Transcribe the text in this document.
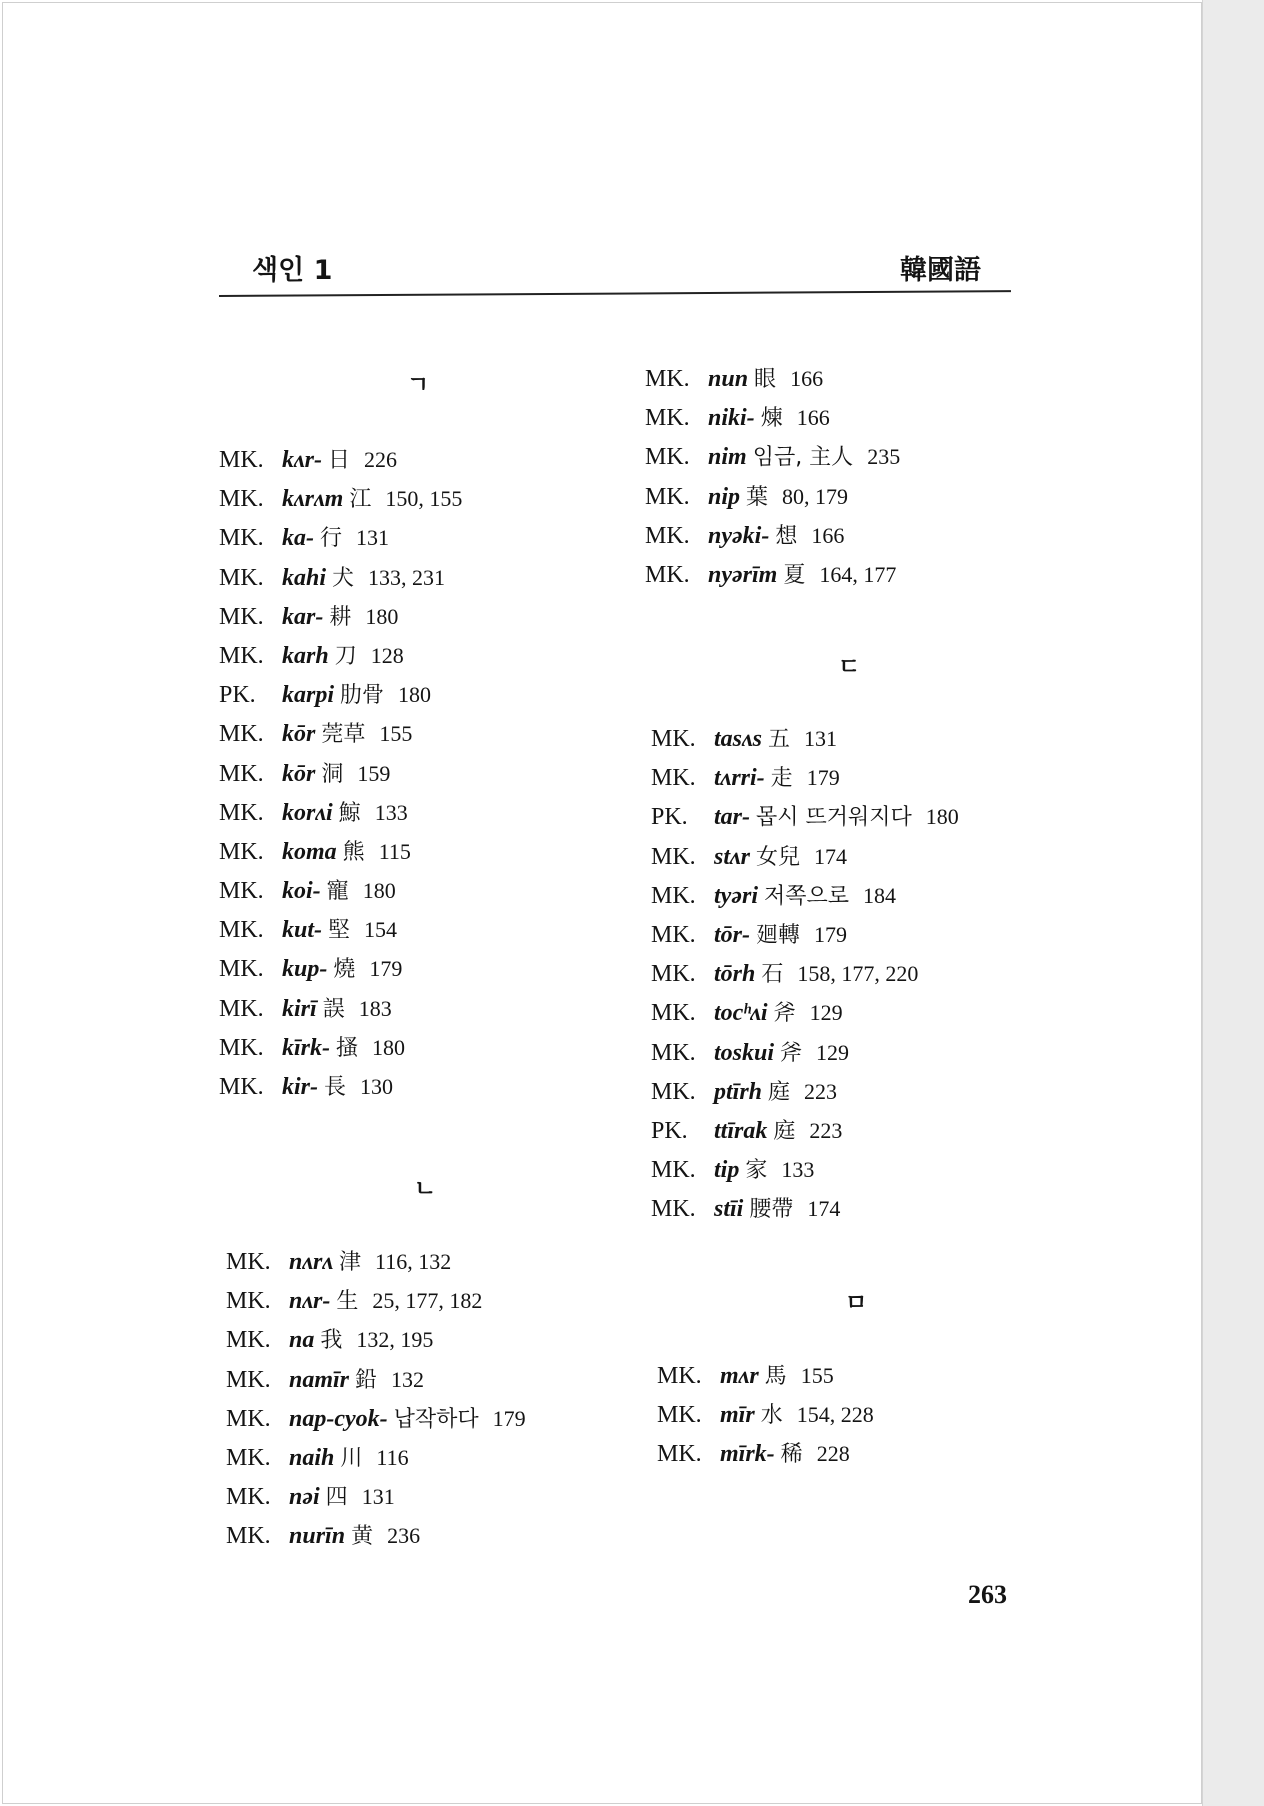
색인 1	韓國語
ㄱ
MK. kʌr- 日 226
MK. kʌrʌm 江 150, 155
MK. ka- 行 131
MK. kahi 犬 133, 231
MK. kar- 耕 180
MK. karh 刀 128
PK. karpi 肋骨 180
MK. kōr 莞草 155
MK. kōr 洞 159
MK. korʌi 鯨 133
MK. koma 熊 115
MK. koi- 寵 180
MK. kut- 堅 154
MK. kup- 燒 179
MK. kirī 誤 183
MK. kīrk- 搔 180
MK. kir- 長 130
ㄴ
MK. nʌrʌ 津 116, 132
MK. nʌr- 生 25, 177, 182
MK. na 我 132, 195
MK. namīr 鉛 132
MK. nap-cyok- 납작하다 179
MK. naih 川 116
MK. nəi 四 131
MK. nurīn 黄 236
MK. nun 眼 166
MK. niki- 煉 166
MK. nim 임금, 主人 235
MK. nip 葉 80, 179
MK. nyəki- 想 166
MK. nyərīm 夏 164, 177
ㄷ
MK. tasʌs 五 131
MK. tʌrri- 走 179
PK. tar- 몹시 뜨거워지다 180
MK. stʌr 女兒 174
MK. tyəri 저쪽으로 184
MK. tōr- 廻轉 179
MK. tōrh 石 158, 177, 220
MK. tocʰʌi 斧 129
MK. toskui 斧 129
MK. ptīrh 庭 223
PK. ttīrak 庭 223
MK. tip 家 133
MK. stīi 腰帶 174
ㅁ
MK. mʌr 馬 155
MK. mīr 水 154, 228
MK. mīrk- 稀 228
263
